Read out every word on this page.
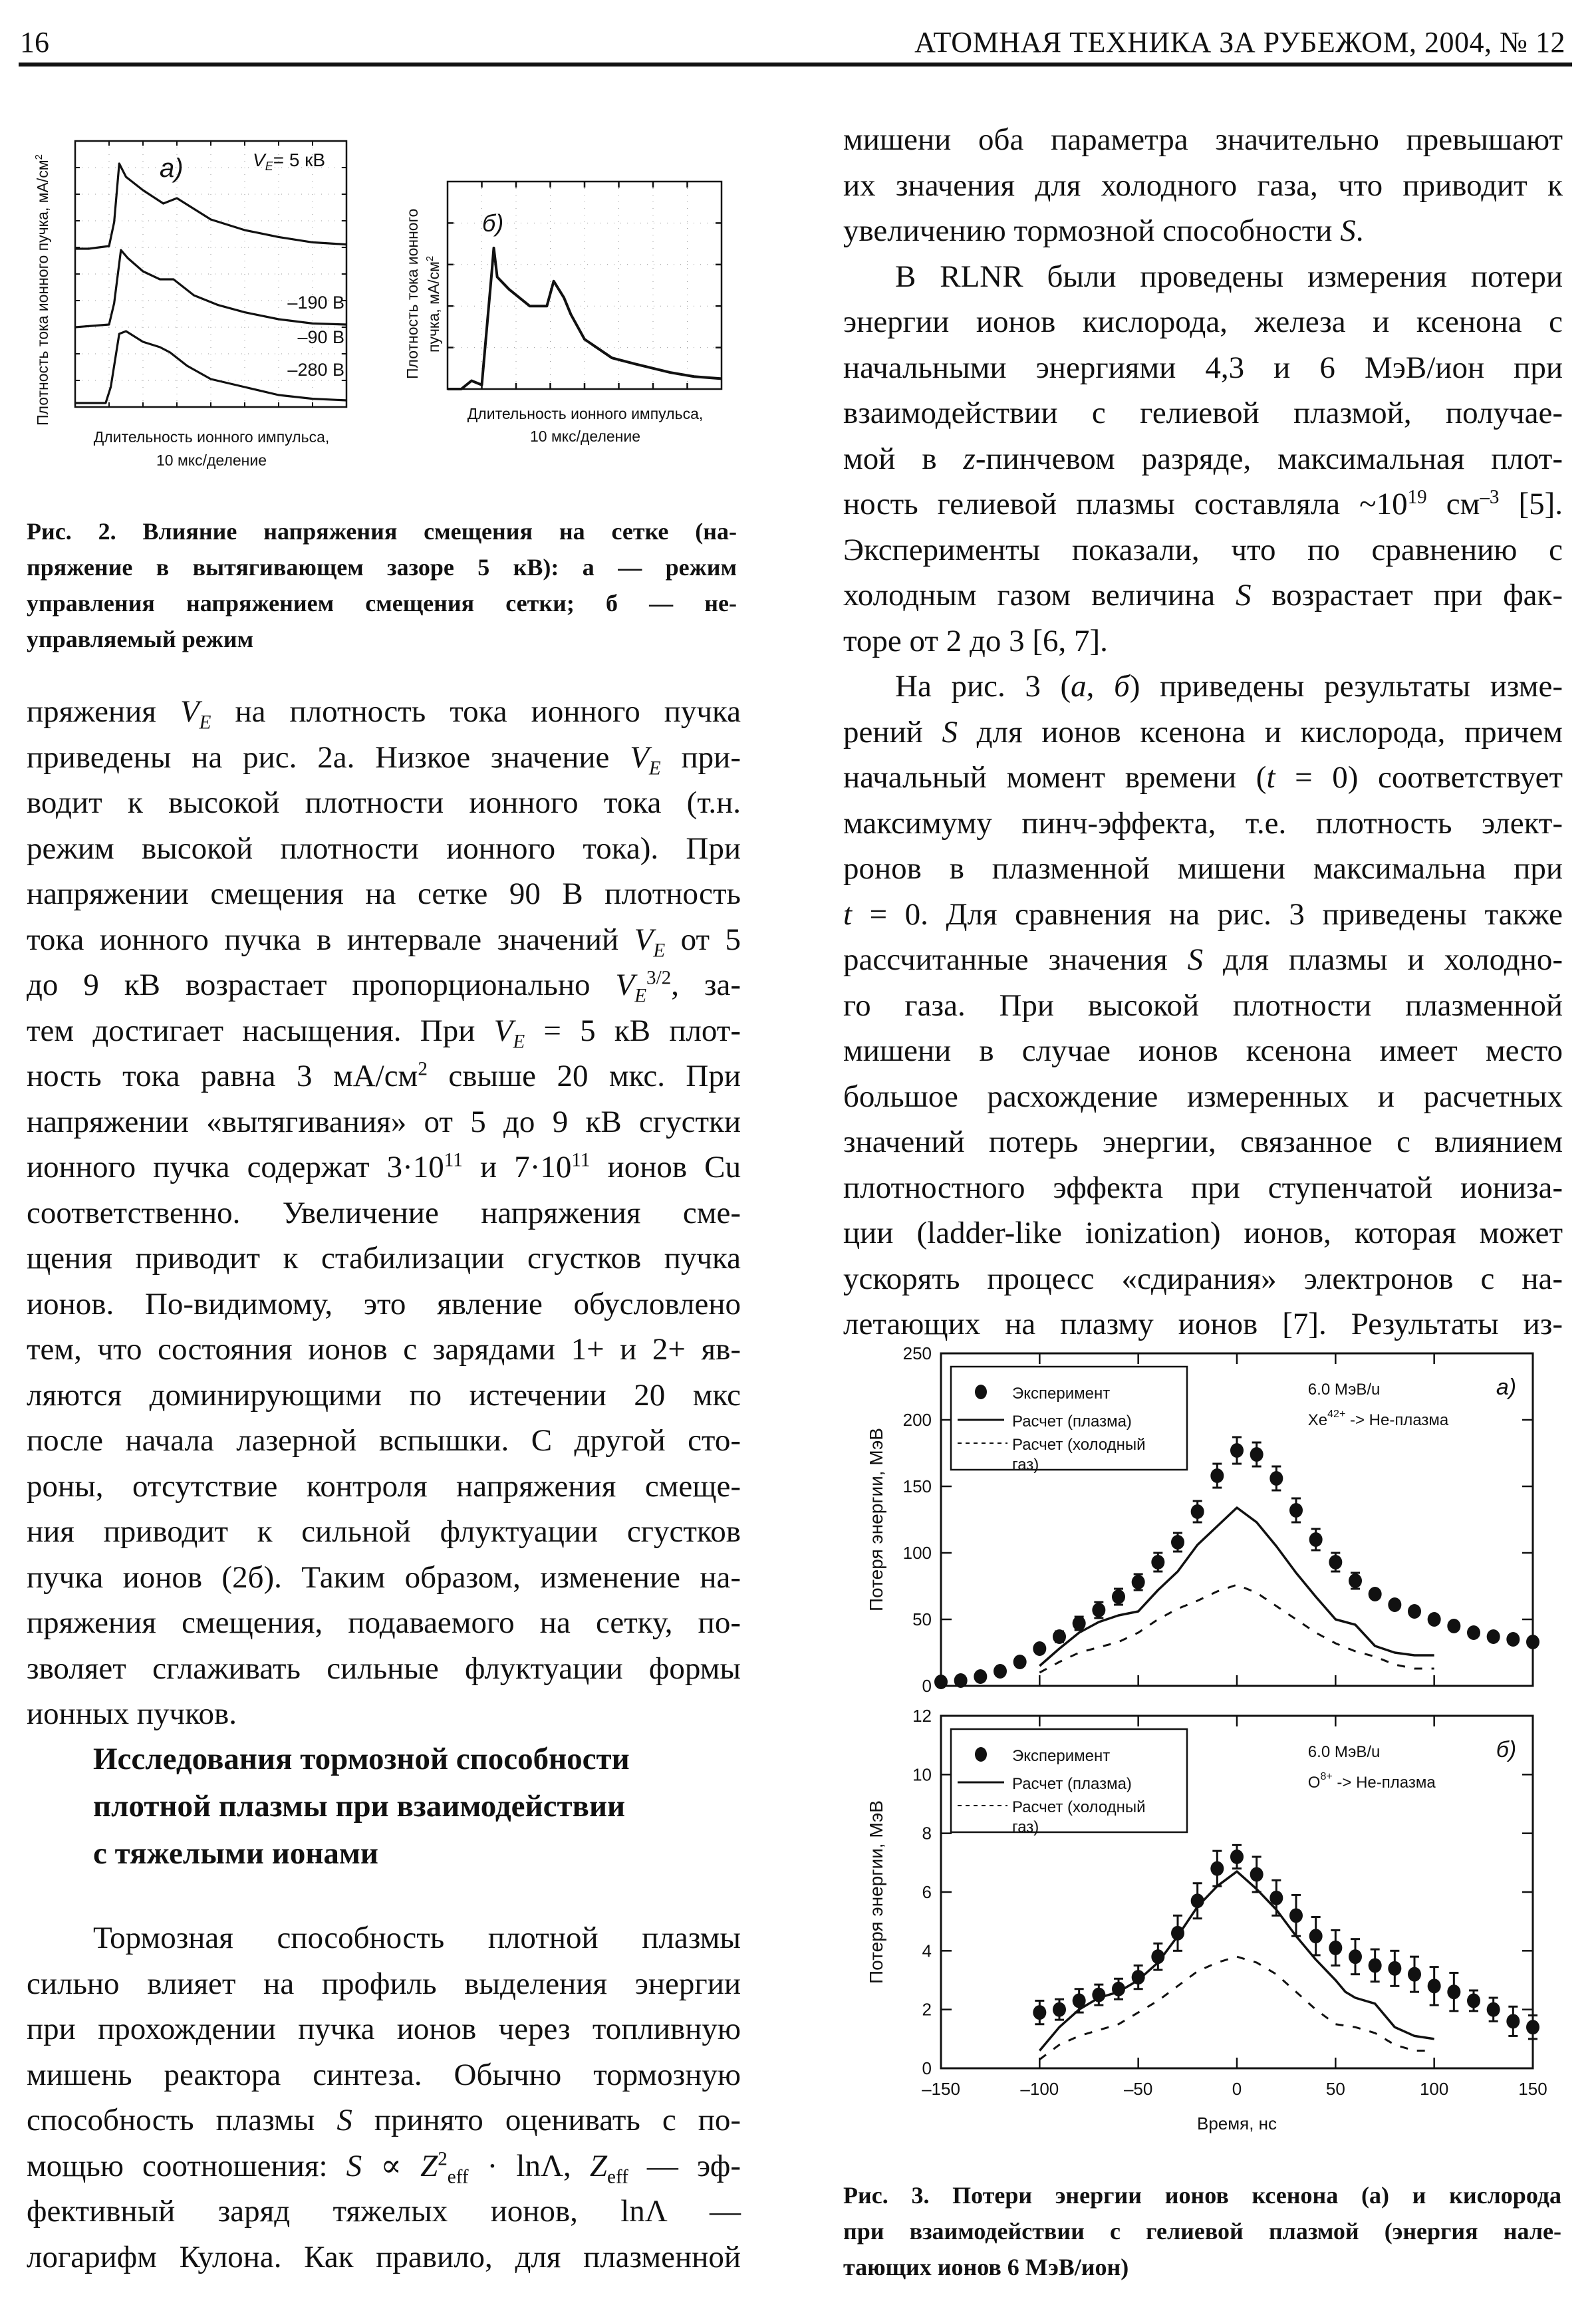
16	АТОМНАЯ ТЕХНИКА ЗА РУБЕЖОМ, 2004, № 12
а)	$V_E= 5$ кВ
–90 В
–190 В
–280 В
Плотность тока ионного пучка, $мА/см^2$
Длительность ионного импульса,
10 мкс/деление
б)
Плотность тока ионного пучка, $мА/см^2$
Длительность ионного импульса,
10 мкс/деление
Рис. 2. Влияние напряжения смещения на сетке (на-
пряжение в вытягивающем зазоре 5 кВ): а — режим
управления напряжением смещения сетки; б — не-
управляемый режим
пряжения $V_E$ на плотность тока ионного пучка
приведены на рис. 2а. Низкое значение $V_E$ при-
водит к высокой плотности ионного тока (т.н.
режим высокой плотности ионного тока). При
напряжении смещения на сетке 90 В плотность
тока ионного пучка в интервале значений $V_E$ от 5
до 9 кВ возрастает пропорционально $V_E^{3/2}$, за-
тем достигает насыщения. При $V_E = 5$ кВ плот-
ность тока равна 3 $мА/см^2$ свыше 20 мкс. При
напряжении «вытягивания» от 5 до 9 кВ сгустки
ионного пучка содержат $3\cdot 10^{11}$ и $7\cdot 10^{11}$ ионов Cu
соответственно. Увеличение напряжения сме-
щения приводит к стабилизации сгустков пучка
ионов. По-видимому, это явление обусловлено
тем, что состояния ионов с зарядами 1+ и 2+ яв-
ляются доминирующими по истечении 20 мкс
после начала лазерной вспышки. С другой сто-
роны, отсутствие контроля напряжения смеще-
ния приводит к сильной флуктуации сгустков
пучка ионов (2б). Таким образом, изменение на-
пряжения смещения, подаваемого на сетку, по-
зволяет сглаживать сильные флуктуации формы
ионных пучков.
Исследования тормозной способности
плотной плазмы при взаимодействии
с тяжелыми ионами
Тормозная способность плотной плазмы
сильно влияет на профиль выделения энергии
при прохождении пучка ионов через топливную
мишень реактора синтеза. Обычно тормозную
способность плазмы S принято оценивать с по-
мощью соотношения: $S \propto Z^2_{eff} \cdot \ln\Lambda$, $Z_{eff}$ — эф-
фективный заряд тяжелых ионов, lnΛ —
логарифм Кулона. Как правило, для плазменной
мишени оба параметра значительно превышают
их значения для холодного газа, что приводит к
увеличению тормозной способности S.
В RLNR были проведены измерения потери
энергии ионов кислорода, железа и ксенона с
начальными энергиями 4,3 и 6 МэВ/ион при
взаимодействии с гелиевой плазмой, получае-
мой в z-пинчевом разряде, максимальная плот-
ность гелиевой плазмы составляла $\sim 10^{19}$ $см^{-3}$ [5].
Эксперименты показали, что по сравнению с
холодным газом величина S возрастает при фак-
торе от 2 до 3 [6, 7].
На рис. 3 (а, б) приведены результаты изме-
рений S для ионов ксенона и кислорода, причем
начальный момент времени (t = 0) соответствует
максимуму пинч-эффекта, т.е. плотность элект-
ронов в плазменной мишени максимальна при
t = 0. Для сравнения на рис. 3 приведены также
рассчитанные значения S для плазмы и холодно-
го газа. При высокой плотности плазменной
мишени в случае ионов ксенона имеет место
большое расхождение измеренных и расчетных
значений потерь энергии, связанное с влиянием
плотностного эффекта при ступенчатой иониза-
ции (ladder-like ionization) ионов, которая может
ускорять процесс «сдирания» электронов с на-
летающих на плазму ионов [7]. Результаты из-
0
50
100
150
200
250
Потеря энергии, МэВ
Эксперимент
Расчет (плазма)
Расчет (холодный
газ)
6.0 МэВ/u
$Xe^{42+}$ -> He-плазма
а)
0
2
4
6
8
10
12
–150	–100	–50	0	50	100	150
Время, нс
Потеря энергии, МэВ
Эксперимент
Расчет (плазма)
Расчет (холодный
газ)
6.0 МэВ/u
$O^{8+}$ -> He-плазма
б)
Рис. 3. Потери энергии ионов ксенона (а) и кислорода
при взаимодействии с гелиевой плазмой (энергия нале-
тающих ионов 6 МэВ/ион)
